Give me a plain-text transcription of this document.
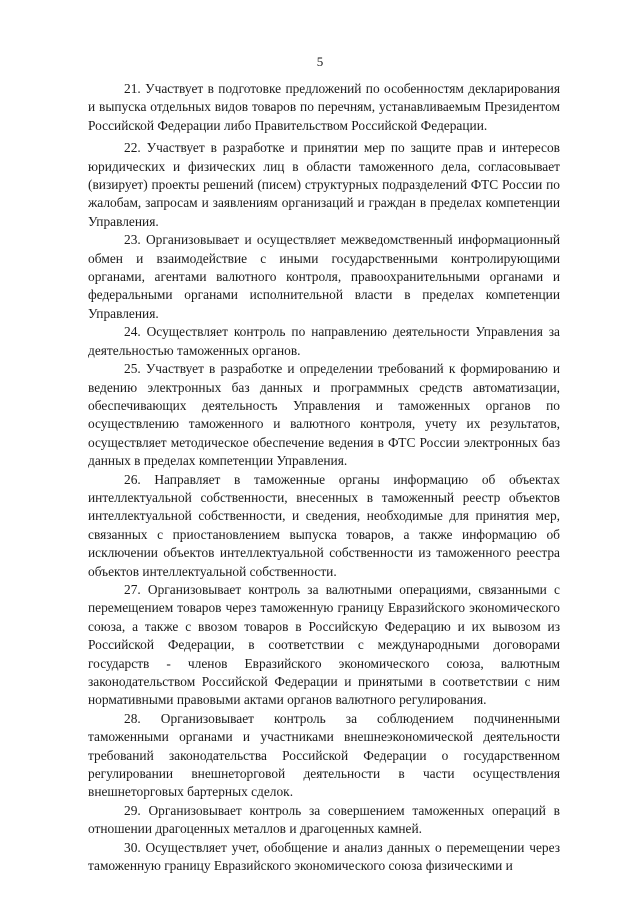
5

21. Участвует в подготовке предложений по особенностям декларирования и выпуска отдельных видов товаров по перечням, устанавливаемым Президентом Российской Федерации либо Правительством Российской Федерации.

22. Участвует в разработке и принятии мер по защите прав и интересов юридических и физических лиц в области таможенного дела, согласовывает (визирует) проекты решений (писем) структурных подразделений ФТС России по жалобам, запросам и заявлениям организаций и граждан в пределах компетенции Управления.

23. Организовывает и осуществляет межведомственный информационный обмен и взаимодействие с иными государственными контролирующими органами, агентами валютного контроля, правоохранительными органами и федеральными органами исполнительной власти в пределах компетенции Управления.

24. Осуществляет контроль по направлению деятельности Управления за деятельностью таможенных органов.

25. Участвует в разработке и определении требований к формированию и ведению электронных баз данных и программных средств автоматизации, обеспечивающих деятельность Управления и таможенных органов по осуществлению таможенного и валютного контроля, учету их результатов, осуществляет методическое обеспечение ведения в ФТС России электронных баз данных в пределах компетенции Управления.

26. Направляет в таможенные органы информацию об объектах интеллектуальной собственности, внесенных в таможенный реестр объектов интеллектуальной собственности, и сведения, необходимые для принятия мер, связанных с приостановлением выпуска товаров, а также информацию об исключении объектов интеллектуальной собственности из таможенного реестра объектов интеллектуальной собственности.

27. Организовывает контроль за валютными операциями, связанными с перемещением товаров через таможенную границу Евразийского экономического союза, а также с ввозом товаров в Российскую Федерацию и их вывозом из Российской Федерации, в соответствии с международными договорами государств - членов Евразийского экономического союза, валютным законодательством Российской Федерации и принятыми в соответствии с ним нормативными правовыми актами органов валютного регулирования.

28. Организовывает контроль за соблюдением подчиненными таможенными органами и участниками внешнеэкономической деятельности требований законодательства Российской Федерации о государственном регулировании внешнеторговой деятельности в части осуществления внешнеторговых бартерных сделок.

29. Организовывает контроль за совершением таможенных операций в отношении драгоценных металлов и драгоценных камней.

30. Осуществляет учет, обобщение и анализ данных о перемещении через таможенную границу Евразийского экономического союза физическими и
